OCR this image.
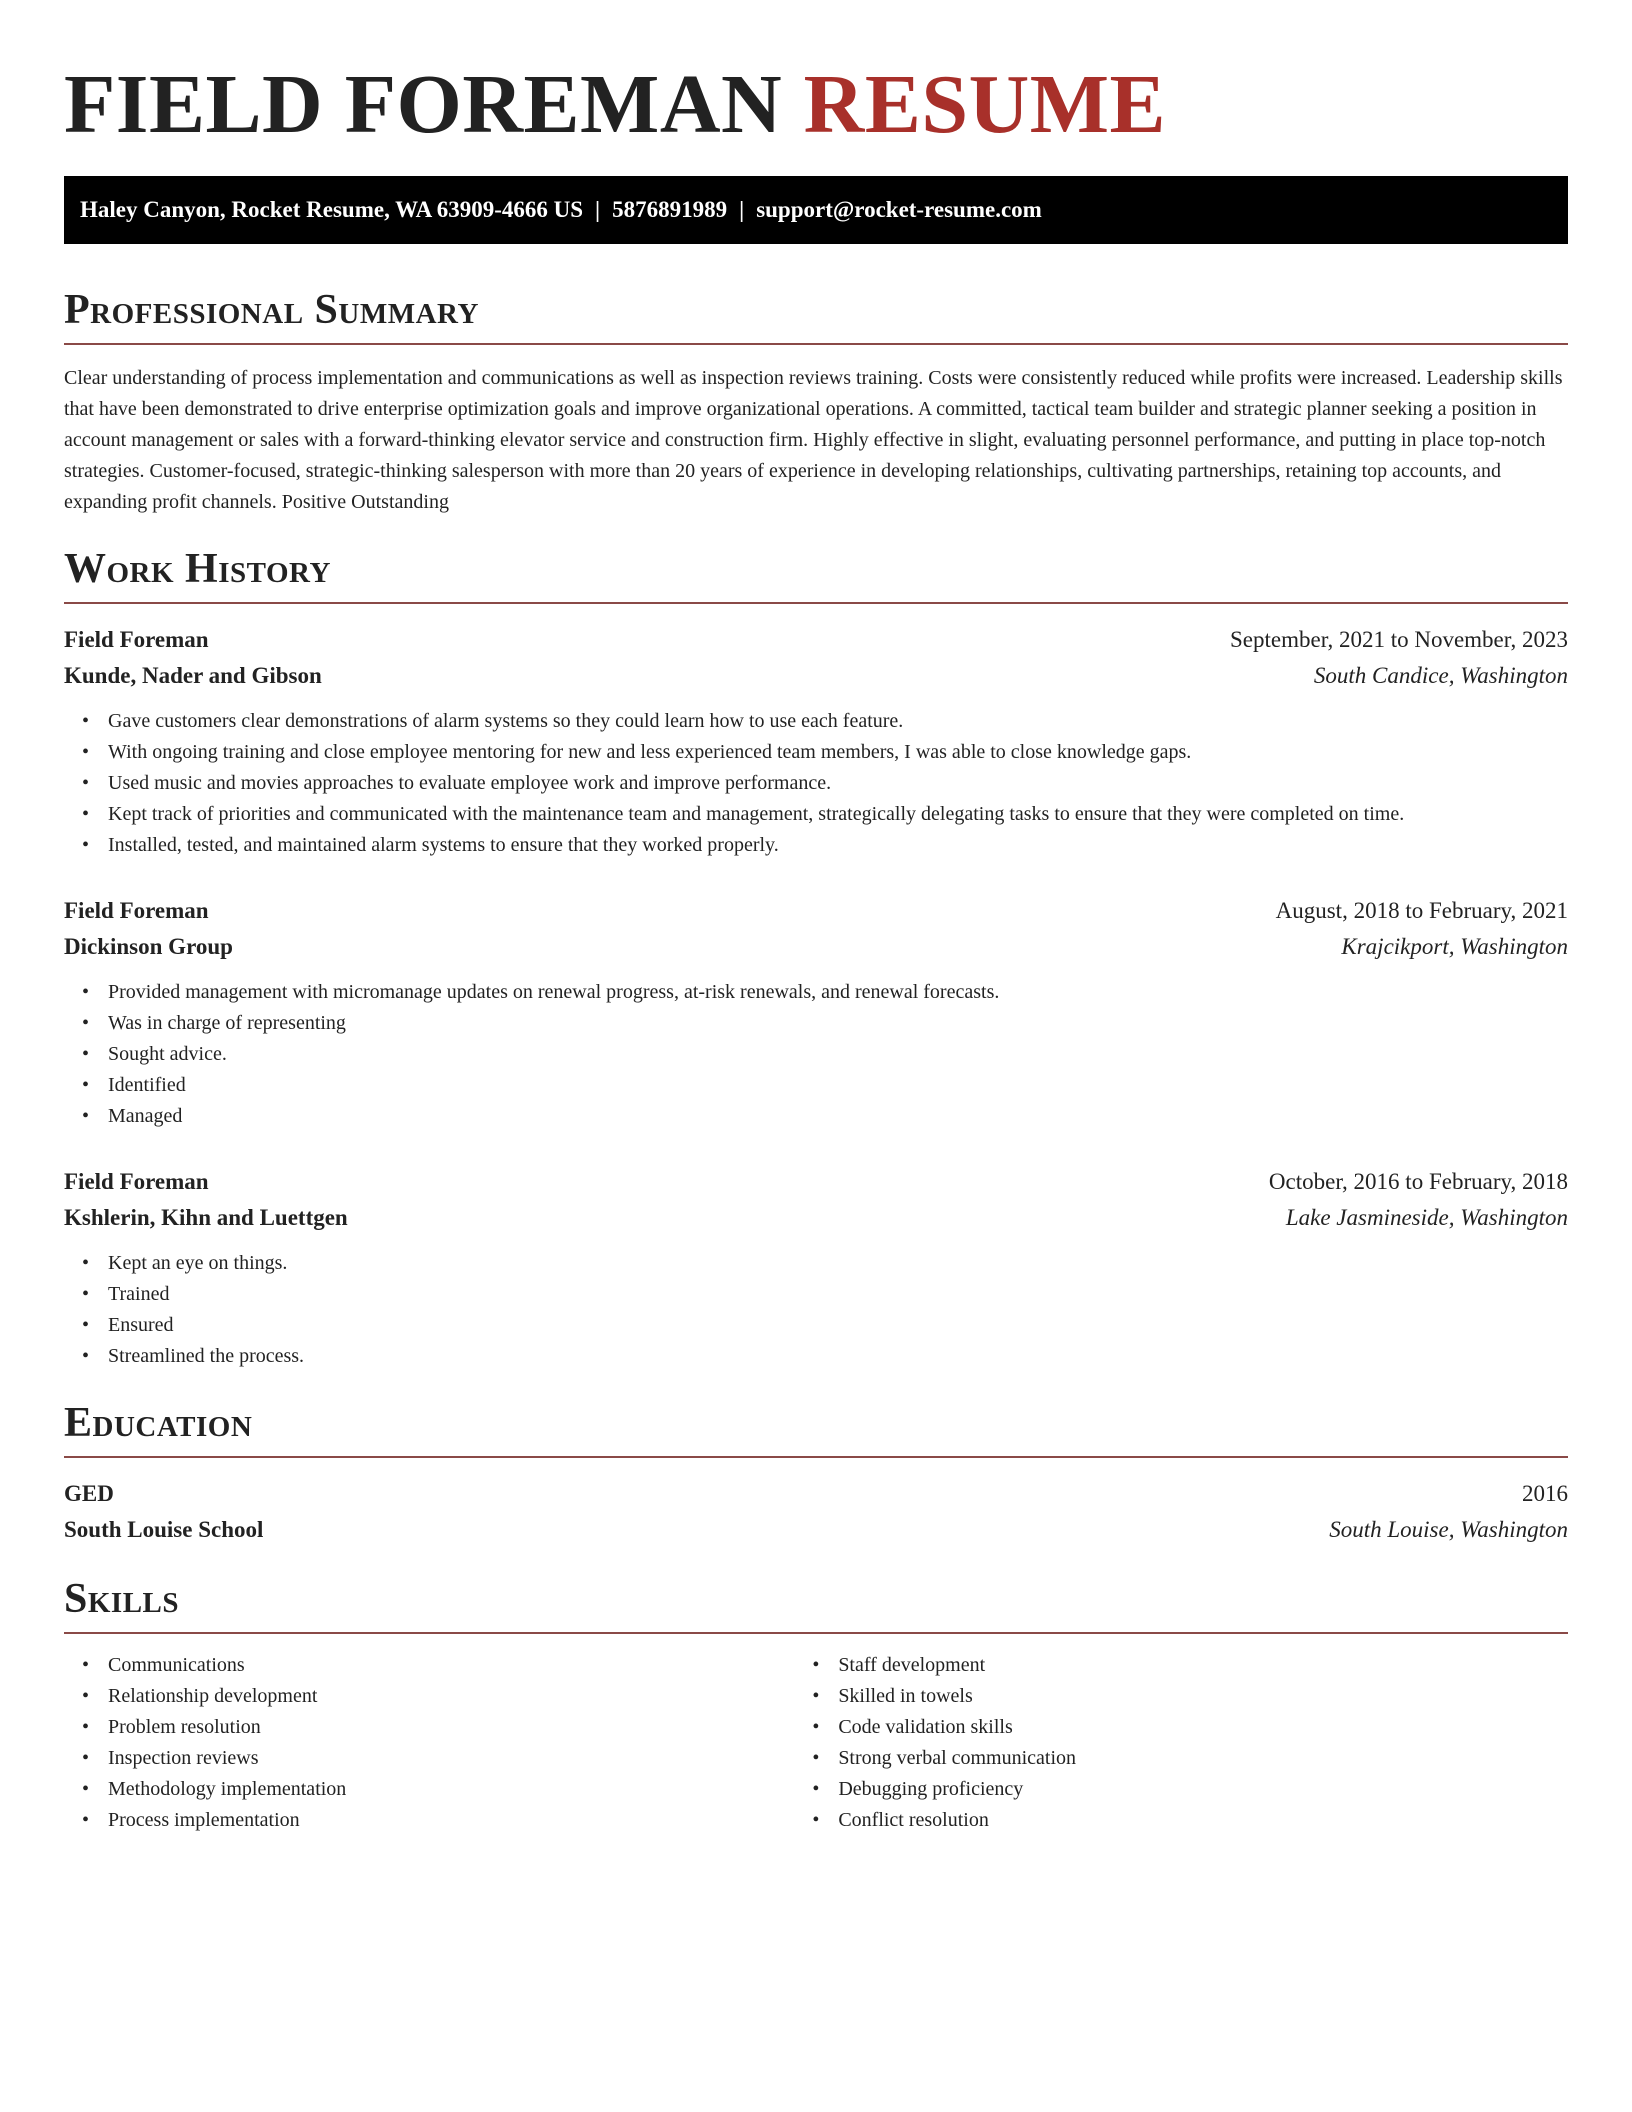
FIELD FOREMAN RESUME
Haley Canyon, Rocket Resume, WA 63909-4666 US | 5876891989 | support@rocket-resume.com
Professional Summary

Clear understanding of process implementation and communications as well as inspection reviews training. Costs were consistently reduced while profits were increased. Leadership skills that have been demonstrated to drive enterprise optimization goals and improve organizational operations. A committed, tactical team builder and strategic planner seeking a position in account management or sales with a forward-thinking elevator service and construction firm. Highly effective in slight, evaluating personnel performance, and putting in place top-notch strategies. Customer-focused, strategic-thinking salesperson with more than 20 years of experience in developing relationships, cultivating partnerships, retaining top accounts, and expanding profit channels. Positive Outstanding

Work History
Field Foreman	September, 2021 to November, 2023
Kunde, Nader and Gibson	South Candice, Washington
• Gave customers clear demonstrations of alarm systems so they could learn how to use each feature.
• With ongoing training and close employee mentoring for new and less experienced team members, I was able to close knowledge gaps.
• Used music and movies approaches to evaluate employee work and improve performance.
• Kept track of priorities and communicated with the maintenance team and management, strategically delegating tasks to ensure that they were completed on time.
• Installed, tested, and maintained alarm systems to ensure that they worked properly.
Field Foreman	August, 2018 to February, 2021
Dickinson Group	Krajcikport, Washington
• Provided management with micromanage updates on renewal progress, at-risk renewals, and renewal forecasts.
• Was in charge of representing
• Sought advice.
• Identified
• Managed
Field Foreman	October, 2016 to February, 2018
Kshlerin, Kihn and Luettgen	Lake Jasmineside, Washington
• Kept an eye on things.
• Trained
• Ensured
• Streamlined the process.
Education
GED	2016
South Louise School	South Louise, Washington
Skills
• Communications
• Relationship development
• Problem resolution
• Inspection reviews
• Methodology implementation
• Process implementation
• Staff development
• Skilled in towels
• Code validation skills
• Strong verbal communication
• Debugging proficiency
• Conflict resolution
